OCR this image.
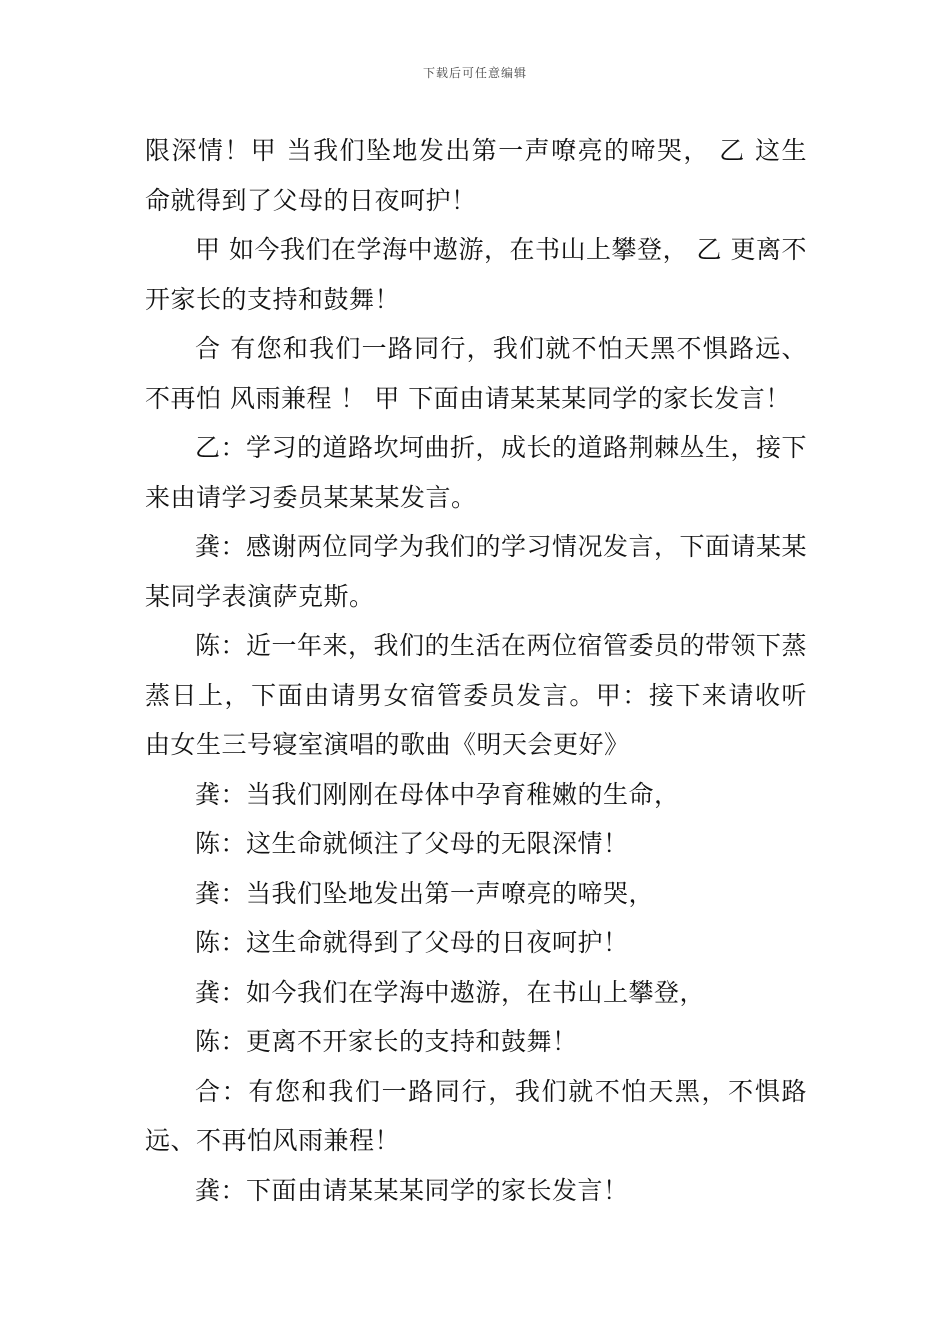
下载后可任意编辑

限深情！甲 当我们坠地发出第一声嘹亮的啼哭， 乙 这生命就得到了父母的日夜呵护！

甲 如今我们在学海中遨游，在书山上攀登， 乙 更离不开家长的支持和鼓舞！

合 有您和我们一路同行，我们就不怕天黑不惧路远、不再怕 风雨兼程 ！ 甲 下面由请某某某同学的家长发言！

乙：学习的道路坎坷曲折，成长的道路荆棘丛生，接下来由请学习委员某某某发言。

龚：感谢两位同学为我们的学习情况发言，下面请某某某同学表演萨克斯。

陈：近一年来，我们的生活在两位宿管委员的带领下蒸蒸日上，下面由请男女宿管委员发言。甲：接下来请收听由女生三号寝室演唱的歌曲《明天会更好》

龚：当我们刚刚在母体中孕育稚嫩的生命，

陈：这生命就倾注了父母的无限深情！

龚：当我们坠地发出第一声嘹亮的啼哭，

陈：这生命就得到了父母的日夜呵护！

龚：如今我们在学海中遨游，在书山上攀登，

陈：更离不开家长的支持和鼓舞！

合：有您和我们一路同行，我们就不怕天黑，不惧路远、不再怕风雨兼程！

龚：下面由请某某某同学的家长发言！
